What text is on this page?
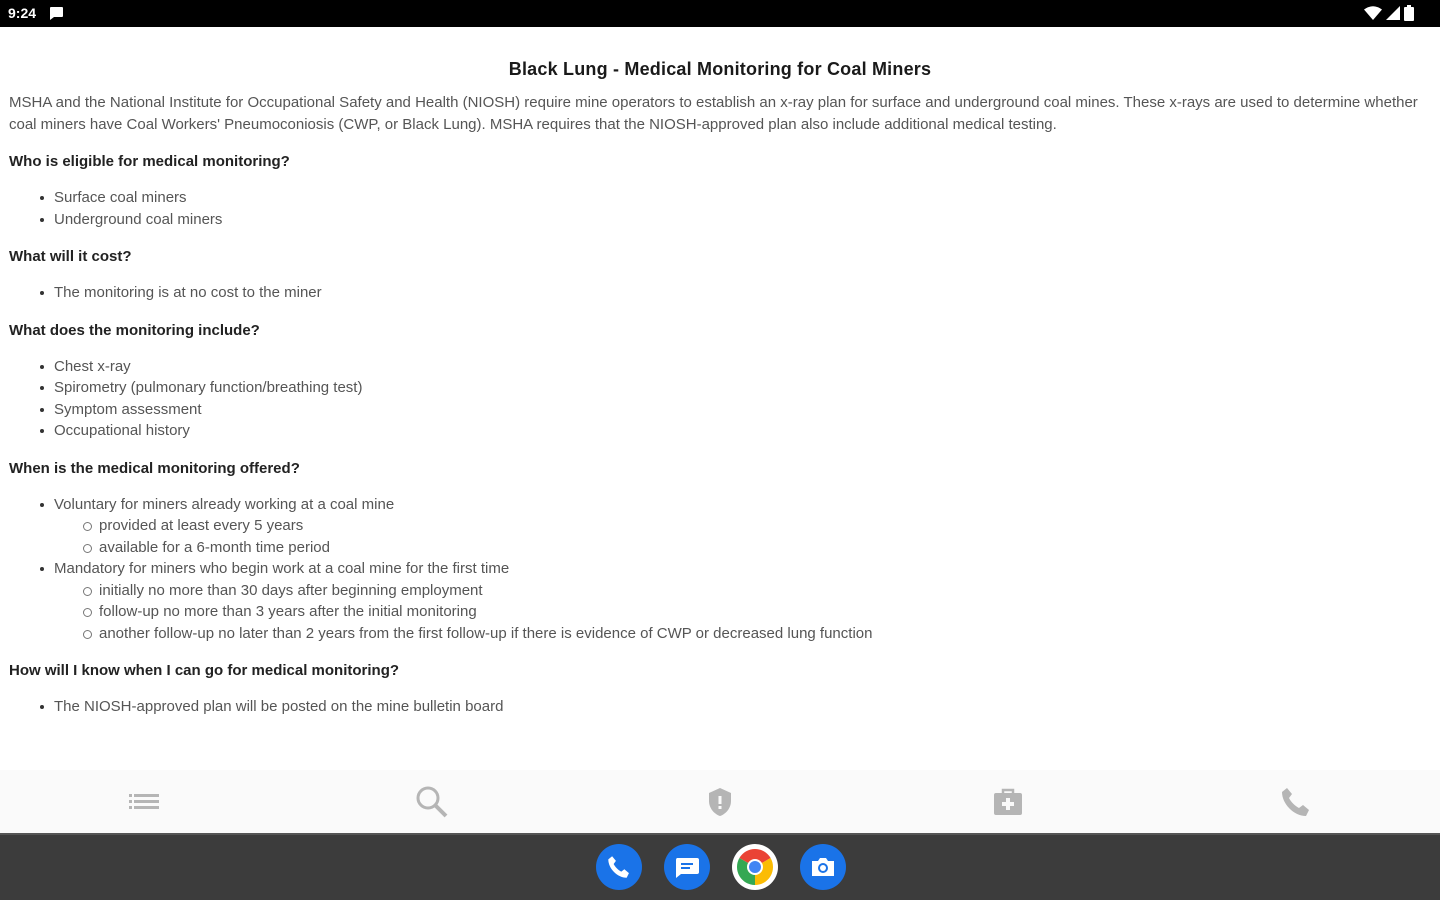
9:24
Black Lung - Medical Monitoring for Coal Miners

MSHA and the National Institute for Occupational Safety and Health (NIOSH) require mine operators to establish an x-ray plan for surface and underground coal mines. These x-rays are used to determine whether coal miners have Coal Workers' Pneumoconiosis (CWP, or Black Lung). MSHA requires that the NIOSH-approved plan also include additional medical testing.

Who is eligible for medical monitoring?

Surface coal miners
Underground coal miners

What will it cost?

The monitoring is at no cost to the miner

What does the monitoring include?

Chest x-ray
Spirometry (pulmonary function/breathing test)
Symptom assessment
Occupational history

When is the medical monitoring offered?

Voluntary for miners already working at a coal mine
provided at least every 5 years
available for a 6-month time period
Mandatory for miners who begin work at a coal mine for the first time
initially no more than 30 days after beginning employment
follow-up no more than 3 years after the initial monitoring
another follow-up no later than 2 years from the first follow-up if there is evidence of CWP or decreased lung function

How will I know when I can go for medical monitoring?

The NIOSH-approved plan will be posted on the mine bulletin board
